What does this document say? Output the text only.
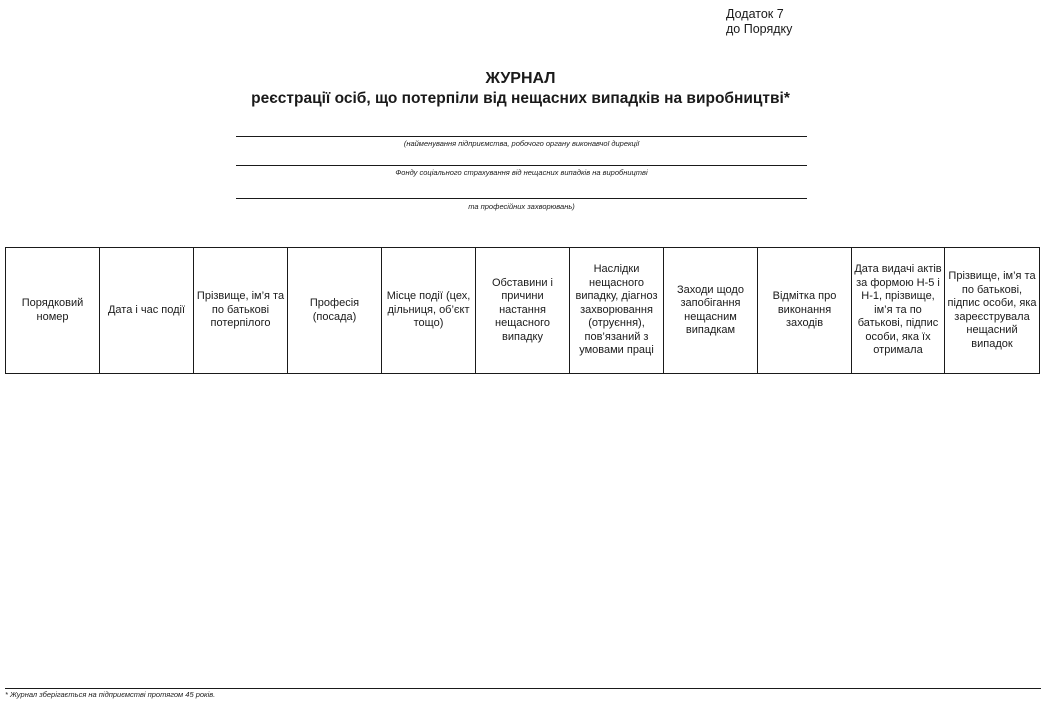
Додаток 7
до Порядку
ЖУРНАЛ
реєстрації осіб, що потерпіли від нещасних випадків на виробництві*
(найменування підприємства, робочого органу виконавчої дирекції
Фонду соціального страхування від нещасних випадків на виробництві
та професійних захворювань)
Порядковий номер	Дата і час події	Прізвище, ім’я та по батькові потерпілого	Професія (посада)	Місце події (цех, дільниця, об’єкт тощо)	Обставини і причини настання нещасного випадку	Наслідки нещасного випадку, діагноз захворювання (отруєння), пов’язаний з умовами праці	Заходи щодо запобігання нещасним випадкам	Відмітка про виконання заходів	Дата видачі актів за формою Н-5 і Н-1, прізвище, ім’я та по батькові, підпис особи, яка їх отримала	Прізвище, ім’я та по батькові, підпис особи, яка зареєструвала нещасний випадок
* Журнал зберігається на підприємстві протягом 45 років.
